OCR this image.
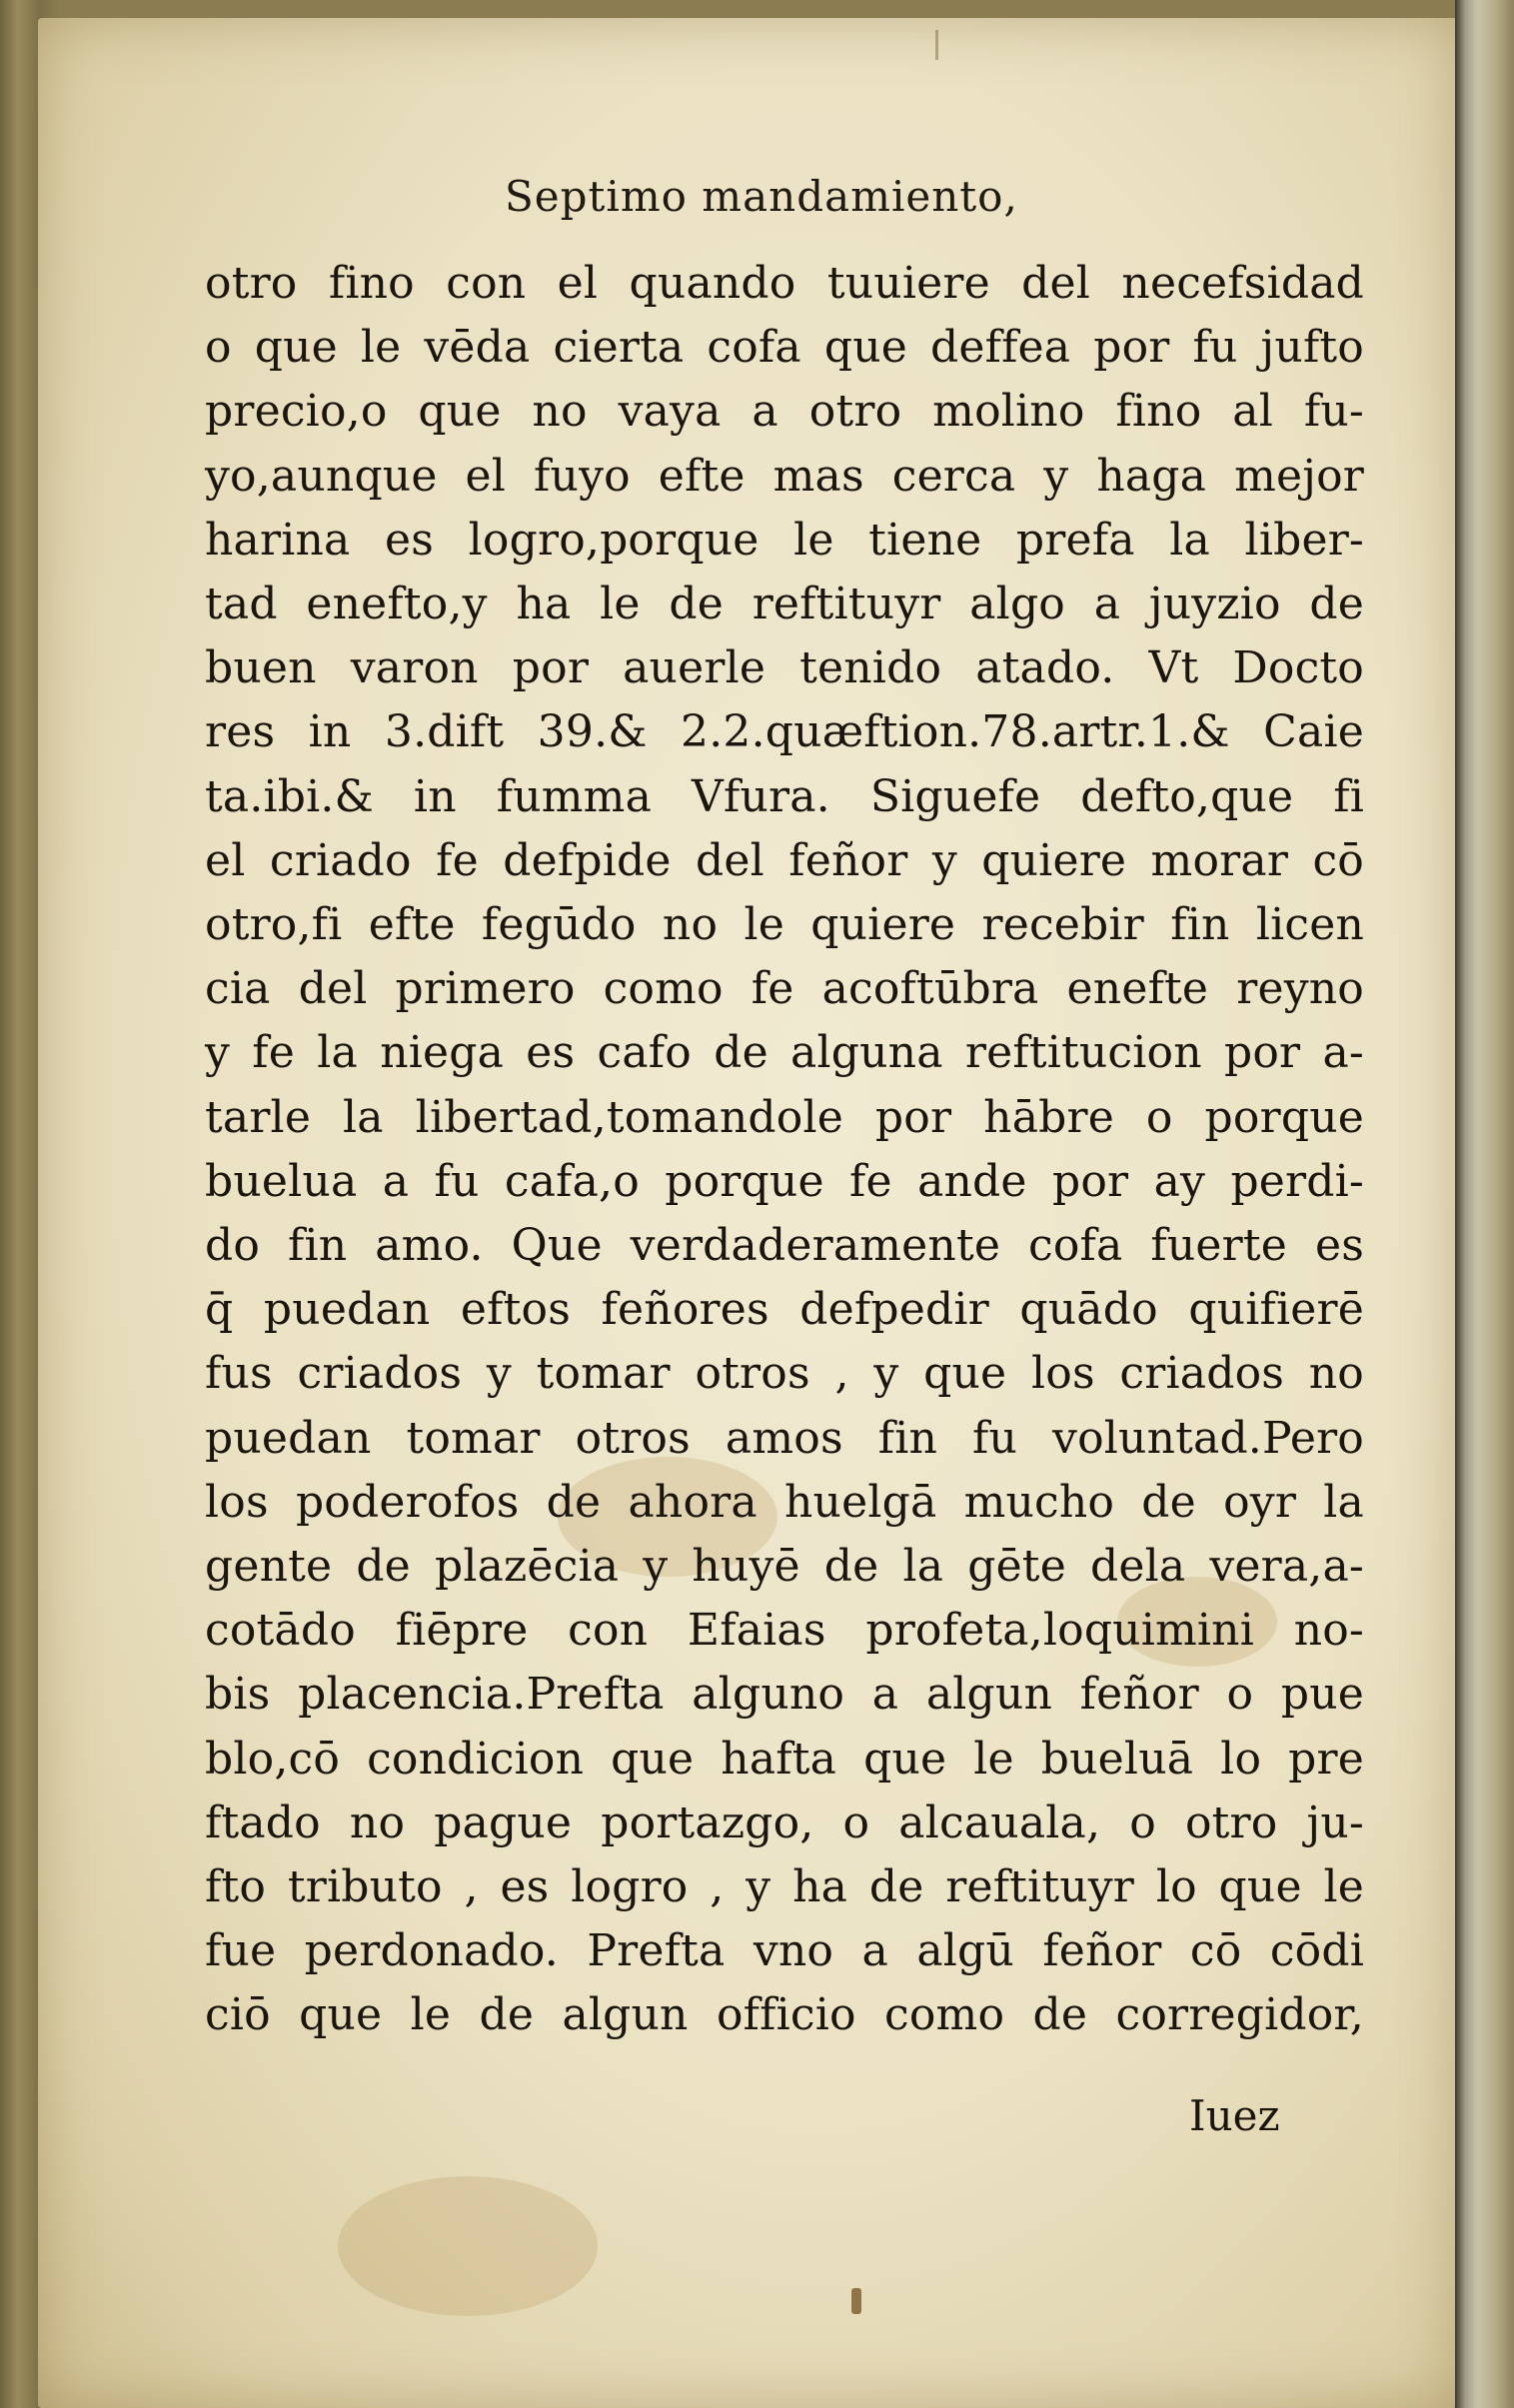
Septimo mandamiento,
otro fino con el quando tuuiere del necefsidad
o que le vēda cierta cofa que deffea por fu jufto
precio,o que no vaya a otro molino fino al fu-
yo,aunque el fuyo efte mas cerca y haga mejor
harina es logro,porque le tiene prefa la liber-
tad enefto,y ha le de reftituyr algo a juyzio de
buen varon por auerle tenido atado. Vt Docto
res in 3.dift 39.& 2.2.quæftion.78.artr.1.& Caie
ta.ibi.& in fumma Vfura. Siguefe defto,que fi
el criado fe defpide del feñor y quiere morar cō
otro,fi efte fegūdo no le quiere recebir fin licen
cia del primero como fe acoftūbra enefte reyno
y fe la niega es cafo de alguna reftitucion por a-
tarle la libertad,tomandole por hābre o porque
buelua a fu cafa,o porque fe ande por ay perdi-
do fin amo. Que verdaderamente cofa fuerte es
q̄ puedan eftos feñores defpedir quādo quifierē
fus criados y tomar otros , y que los criados no
puedan tomar otros amos fin fu voluntad.Pero
los poderofos de ahora huelgā mucho de oyr la
gente de plazēcia y huyē de la gēte dela vera,a-
cotādo fiēpre con Efaias profeta,loquimini no-
bis placencia.Prefta alguno a algun feñor o pue
blo,cō condicion que hafta que le bueluā lo pre
ftado no pague portazgo, o alcauala, o otro ju-
fto tributo , es logro , y ha de reftituyr lo que le
fue perdonado. Prefta vno a algū feñor cō cōdi
ciō que le de algun officio como de corregidor,
Iuez
